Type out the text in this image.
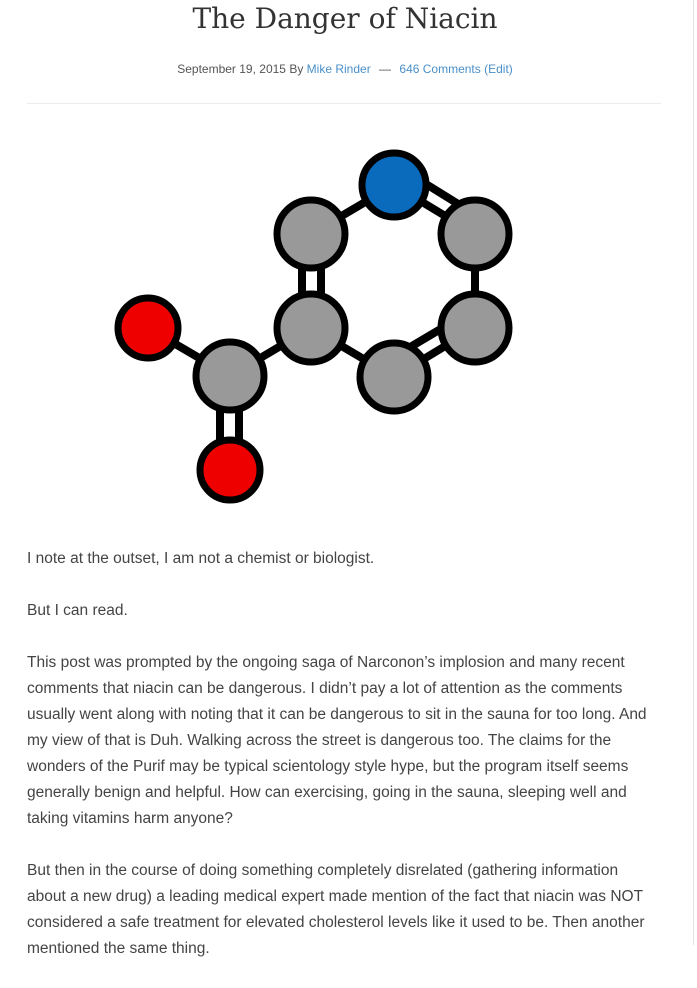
The Danger of Niacin
September 19, 2015 By Mike Rinder — 646 Comments (Edit)

I note at the outset, I am not a chemist or biologist.

But I can read.

This post was prompted by the ongoing saga of Narconon’s implosion and many recent comments that niacin can be dangerous. I didn’t pay a lot of attention as the comments usually went along with noting that it can be dangerous to sit in the sauna for too long. And my view of that is Duh. Walking across the street is dangerous too. The claims for the wonders of the Purif may be typical scientology style hype, but the program itself seems generally benign and helpful. How can exercising, going in the sauna, sleeping well and taking vitamins harm anyone?

But then in the course of doing something completely disrelated (gathering information about a new drug) a leading medical expert made mention of the fact that niacin was NOT considered a safe treatment for elevated cholesterol levels like it used to be. Then another mentioned the same thing.
